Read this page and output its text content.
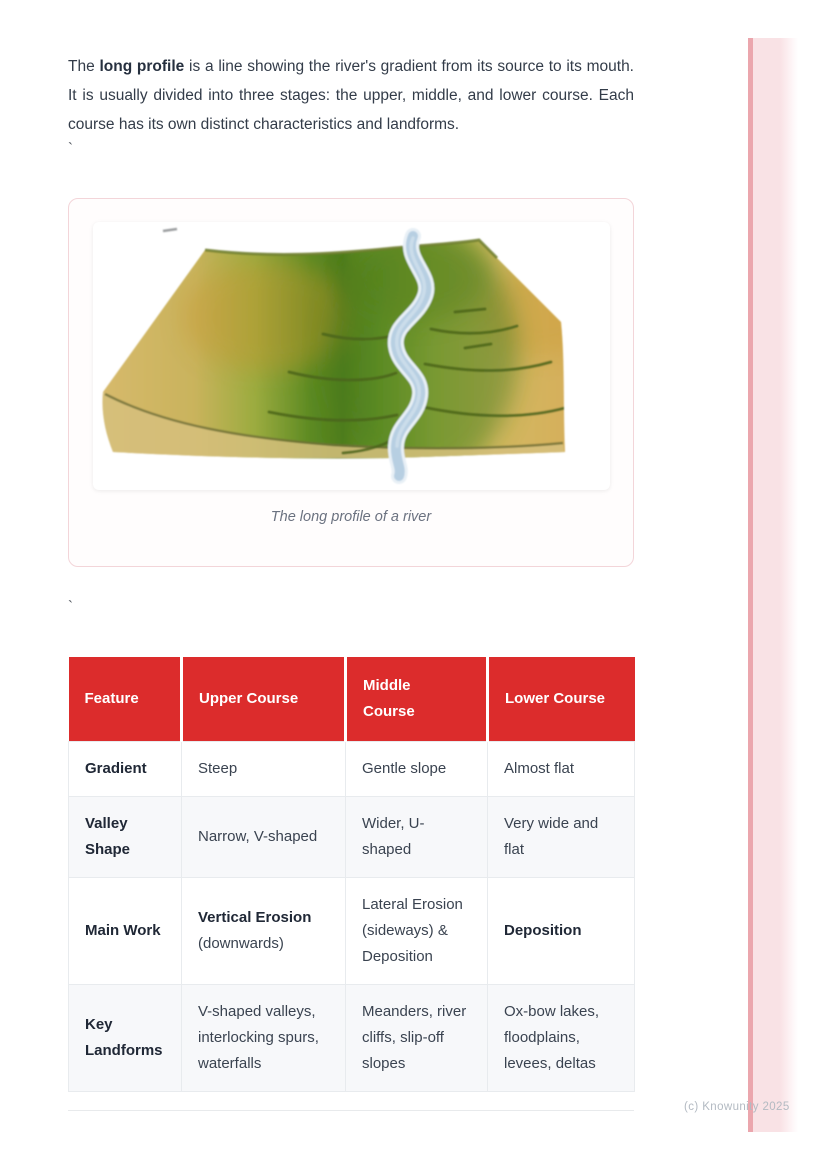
The long profile is a line showing the river's gradient from its source to its mouth. It is usually divided into three stages: the upper, middle, and lower course. Each course has its own distinct characteristics and landforms.

`
The long profile of a river
`
Feature	Upper Course	Middle Course	Lower Course
Gradient	Steep	Gentle slope	Almost flat
Valley Shape	Narrow, V-shaped	Wider, U-shaped	Very wide and flat
Main Work	Vertical Erosion (downwards)	Lateral Erosion (sideways) & Deposition	Deposition
Key Landforms	V-shaped valleys, interlocking spurs, waterfalls	Meanders, river cliffs, slip-off slopes	Ox-bow lakes, floodplains, levees, deltas
(c) Knowunity 2025
